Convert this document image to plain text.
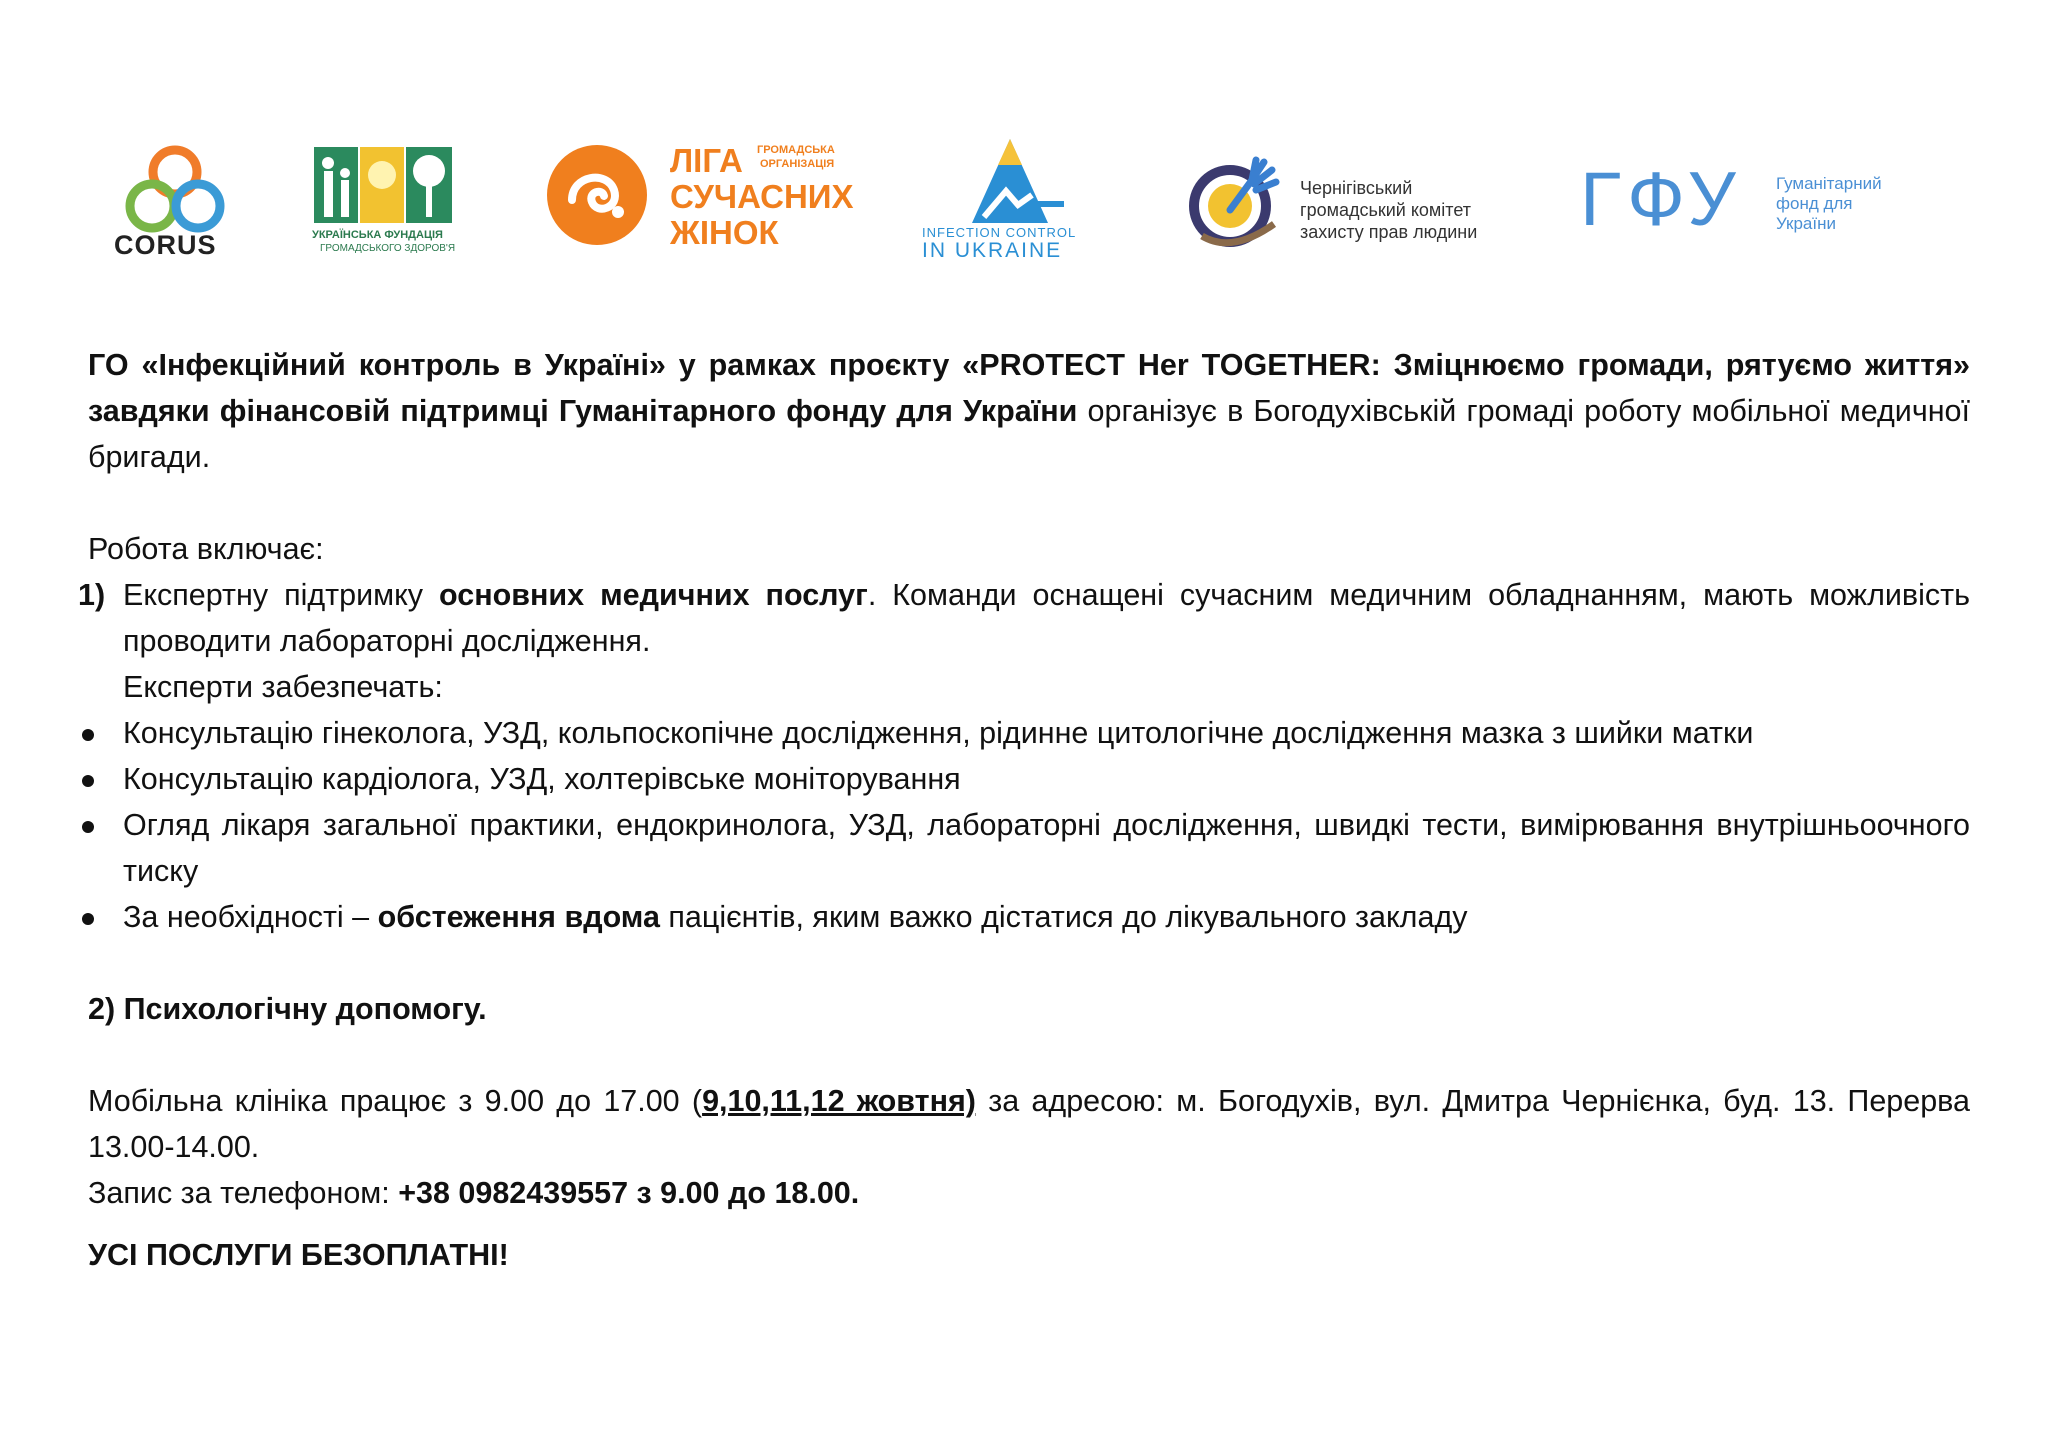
CORUS	УКРАЇНСЬКА ФУНДАЦІЯ
ГРОМАДСЬКОГО ЗДОРОВ'Я
ЛІГА ГРОМАДСЬКА
ОРГАНІЗАЦІЯ
СУЧАСНИХ
ЖІНОК	INFECTION CONTROL
IN UKRAINE
Чернігівський
громадський комітет
захисту прав людини ГФУ Гуманітарний
фонд для
України

ГО «Інфекційний контроль в Україні» у рамках проєкту «PROTECT Her TOGETHER: Зміцнюємо громади, рятуємо життя» завдяки фінансовій підтримці Гуманітарного фонду для України організує в Богодухівській громаді роботу мобільної медичної бригади.

Робота включає:

1) Експертну підтримку основних медичних послуг. Команди оснащені сучасним медичним обладнанням, мають можливість проводити лабораторні дослідження.

Експерти забезпечать:

Консультацію гінеколога, УЗД, кольпоскопічне дослідження, рідинне цитологічне дослідження мазка з шийки матки

Консультацію кардіолога, УЗД, холтерівське моніторування

Огляд лікаря загальної практики, ендокринолога, УЗД, лабораторні дослідження, швидкі тести, вимірювання внутрішньоочного тиску

За необхідності – обстеження вдома пацієнтів, яким важко дістатися до лікувального закладу

2) Психологічну допомогу.

Мобільна клініка працює з 9.00 до 17.00 (9,10,11,12 жовтня) за адресою: м. Богодухів, вул. Дмитра Чернієнка, буд. 13. Перерва 13.00-14.00.

Запис за телефоном: +38 0982439557 з 9.00 до 18.00.

УСІ ПОСЛУГИ БЕЗОПЛАТНІ!
